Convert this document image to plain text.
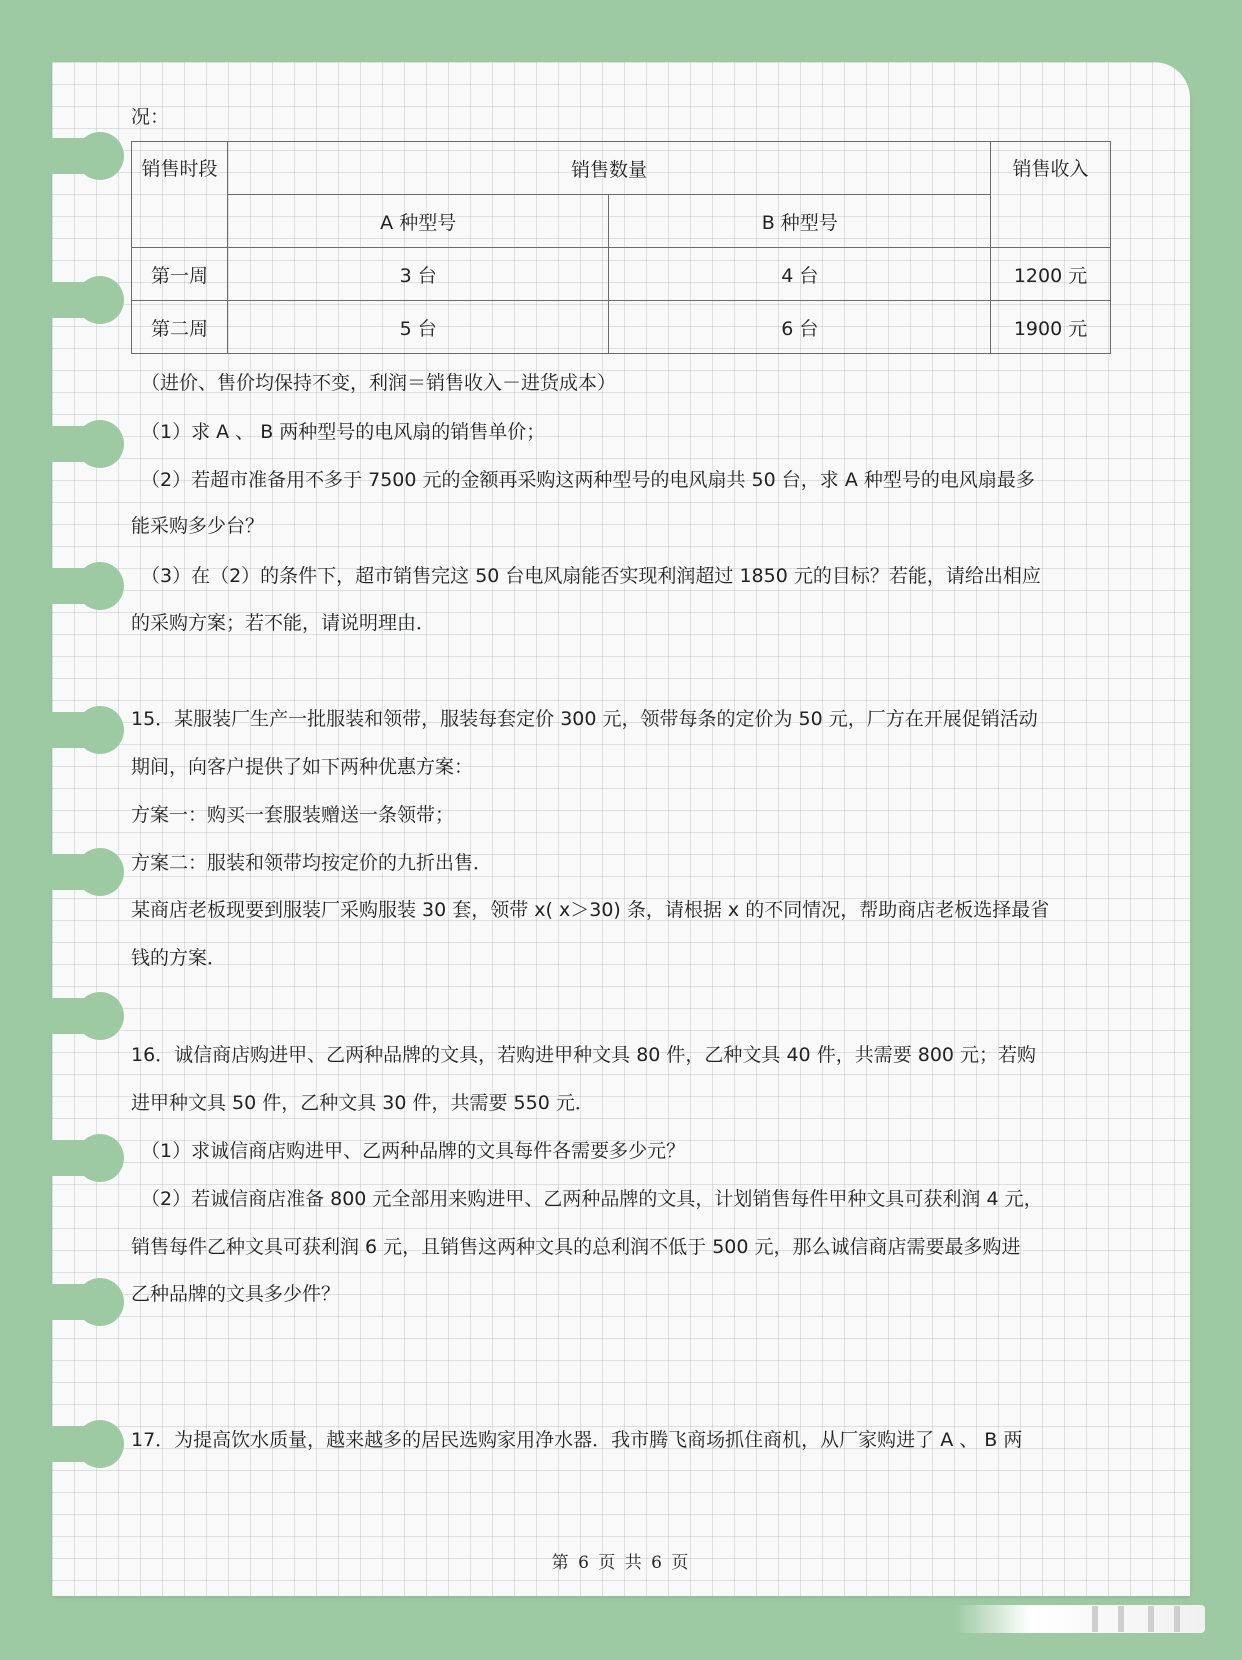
况：
销售时段	销售数量		销售收入
	A 种型号	B 种型号	
第一周	3 台	4 台	1200 元
第二周	5 台	6 台	1900 元
（进价、售价均保持不变，利润＝销售收入－进货成本）
（1）求 A 、 B 两种型号的电风扇的销售单价；
（2）若超市准备用不多于 7500 元的金额再采购这两种型号的电风扇共 50 台，求 A 种型号的电风扇最多
能采购多少台？
（3）在（2）的条件下，超市销售完这 50 台电风扇能否实现利润超过 1850 元的目标？若能，请给出相应
的采购方案；若不能，请说明理由．
15．某服装厂生产一批服装和领带，服装每套定价 300 元，领带每条的定价为 50 元，厂方在开展促销活动
期间，向客户提供了如下两种优惠方案：
方案一：购买一套服装赠送一条领带；
方案二：服装和领带均按定价的九折出售．
某商店老板现要到服装厂采购服装 30 套，领带 x( x＞30) 条，请根据 x 的不同情况，帮助商店老板选择最省
钱的方案．
16．诚信商店购进甲、乙两种品牌的文具，若购进甲种文具 80 件，乙种文具 40 件，共需要 800 元；若购
进甲种文具 50 件，乙种文具 30 件，共需要 550 元．
（1）求诚信商店购进甲、乙两种品牌的文具每件各需要多少元？
（2）若诚信商店准备 800 元全部用来购进甲、乙两种品牌的文具，计划销售每件甲种文具可获利润 4 元，
销售每件乙种文具可获利润 6 元，且销售这两种文具的总利润不低于 500 元，那么诚信商店需要最多购进
乙种品牌的文具多少件？
17．为提高饮水质量，越来越多的居民选购家用净水器．我市腾飞商场抓住商机，从厂家购进了 A 、 B 两
第 6 页 共 6 页
